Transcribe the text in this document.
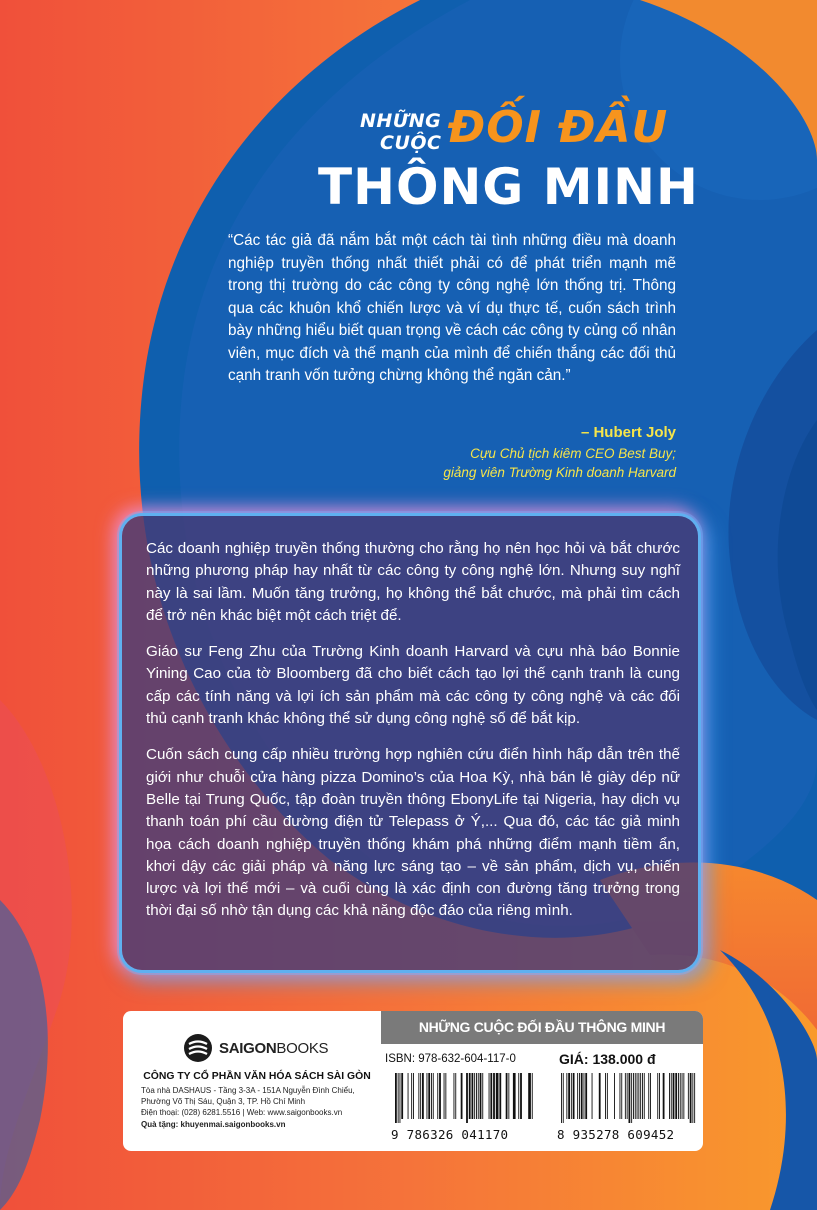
NHỮNG
CUỘC ĐỐI ĐẦU
THÔNG MINH

“Các tác giả đã nắm bắt một cách tài tình những điều mà doanh nghiệp truyền thống nhất thiết phải có để phát triển mạnh mẽ trong thị trường do các công ty công nghệ lớn thống trị. Thông qua các khuôn khổ chiến lược và ví dụ thực tế, cuốn sách trình bày những hiểu biết quan trọng về cách các công ty củng cố nhân viên, mục đích và thế mạnh của mình để chiến thắng các đối thủ cạnh tranh vốn tưởng chừng không thể ngăn cản.”

– Hubert Joly
Cựu Chủ tịch kiêm CEO Best Buy;
giảng viên Trường Kinh doanh Harvard

Các doanh nghiệp truyền thống thường cho rằng họ nên học hỏi và bắt chước những phương pháp hay nhất từ các công ty công nghệ lớn. Nhưng suy nghĩ này là sai lầm. Muốn tăng trưởng, họ không thể bắt chước, mà phải tìm cách để trở nên khác biệt một cách triệt để.

Giáo sư Feng Zhu của Trường Kinh doanh Harvard và cựu nhà báo Bonnie Yining Cao của tờ Bloomberg đã cho biết cách tạo lợi thế cạnh tranh là cung cấp các tính năng và lợi ích sản phẩm mà các công ty công nghệ và các đối thủ cạnh tranh khác không thể sử dụng công nghệ số để bắt kịp.

Cuốn sách cung cấp nhiều trường hợp nghiên cứu điển hình hấp dẫn trên thế giới như chuỗi cửa hàng pizza Domino’s của Hoa Kỳ, nhà bán lẻ giày dép nữ Belle tại Trung Quốc, tập đoàn truyền thông EbonyLife tại Nigeria, hay dịch vụ thanh toán phí cầu đường điện tử Telepass ở Ý,... Qua đó, các tác giả minh họa cách doanh nghiệp truyền thống khám phá những điểm mạnh tiềm ẩn, khơi dậy các giải pháp và năng lực sáng tạo – về sản phẩm, dịch vụ, chiến lược và lợi thế mới – và cuối cùng là xác định con đường tăng trưởng trong thời đại số nhờ tận dụng các khả năng độc đáo của riêng mình.

SAIGONBOOKS
CÔNG TY CỔ PHẦN VĂN HÓA SÁCH SÀI GÒN
Tòa nhà DASHAUS - Tầng 3-3A - 151A Nguyễn Đình Chiểu,
Phường Võ Thị Sáu, Quận 3, TP. Hồ Chí Minh
Điện thoại: (028) 6281.5516 | Web: www.saigonbooks.vn
Quà tặng: khuyenmai.saigonbooks.vn
NHỮNG CUỘC ĐỐI ĐẦU THÔNG MINH
ISBN: 978-632-604-117-0
9 786326 041170
GIÁ: 138.000 đ
8 935278 609452
